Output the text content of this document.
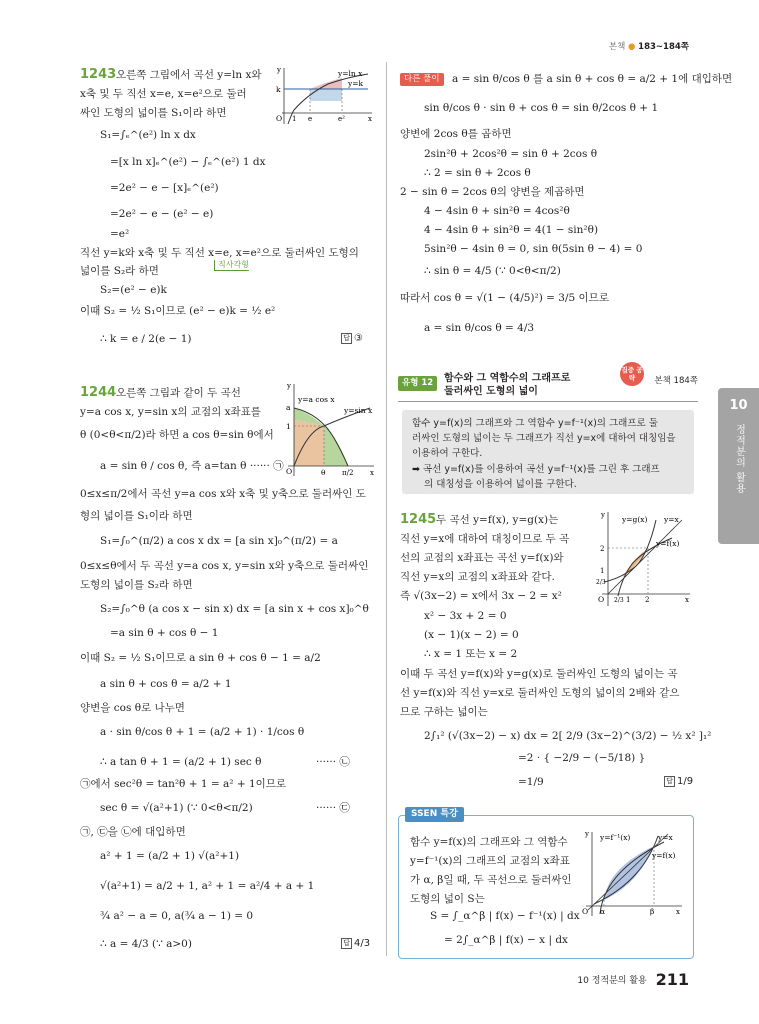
본책 ● 183~184쪽
10
정적분의 활용
1243 오른쪽 그림에서 곡선 y=ln x와
x축 및 두 직선 x=e, x=e²으로 둘러
싸인 도형의 넓이를 S₁이라 하면
S₁=∫ₑ^(e²) ln x dx
=[x ln x]ₑ^(e²) − ∫ₑ^(e²) 1 dx
=2e² − e − [x]ₑ^(e²)
=2e² − e − (e² − e)
=e²
직선 y=k와 x축 및 두 직선 x=e, x=e²으로 둘러싸인 도형의
직사각형
넓이를 S₂라 하면
S₂=(e² − e)k
이때 S₂ = ½ S₁이므로 (e² − e)k = ½ e²
∴ k = e / 2(e − 1)	답 ③
y=ln x
y=k
k
O 1 e	e²	x
y
1244 오른쪽 그림과 같이 두 곡선
y=a cos x, y=sin x의 교점의 x좌표를
θ (0<θ<π/2)라 하면 a cos θ=sin θ에서
a = sin θ / cos θ, 즉 a=tan θ ······ ㉠
0≤x≤π/2에서 곡선 y=a cos x와 x축 및 y축으로 둘러싸인 도
형의 넓이를 S₁이라 하면
S₁=∫₀^(π/2) a cos x dx = [a sin x]₀^(π/2) = a
0≤x≤θ에서 두 곡선 y=a cos x, y=sin x와 y축으로 둘러싸인
도형의 넓이를 S₂라 하면
S₂=∫₀^θ (a cos x − sin x) dx = [a sin x + cos x]₀^θ
=a sin θ + cos θ − 1
이때 S₂ = ½ S₁이므로 a sin θ + cos θ − 1 = a/2
a sin θ + cos θ = a/2 + 1
양변을 cos θ로 나누면
a · sin θ/cos θ + 1 = (a/2 + 1) · 1/cos θ
∴ a tan θ + 1 = (a/2 + 1) sec θ	······ ㉡
㉠에서 sec²θ = tan²θ + 1 = a² + 1이므로
sec θ = √(a²+1) (∵ 0<θ<π/2)	······ ㉢
㉠, ㉢을 ㉡에 대입하면
a² + 1 = (a/2 + 1) √(a²+1)
√(a²+1) = a/2 + 1, a² + 1 = a²/4 + a + 1
¾ a² − a = 0, a(¾ a − 1) = 0
∴ a = 4/3 (∵ a>0)	답 4/3
y=a cos x
y=sin x
a
1
O	θ π/2 x
y
다른 풀이	a = sin θ/cos θ 를 a sin θ + cos θ = a/2 + 1에 대입하면
sin θ/cos θ · sin θ + cos θ = sin θ/2cos θ + 1
양변에 2cos θ를 곱하면
2sin²θ + 2cos²θ = sin θ + 2cos θ
∴ 2 = sin θ + 2cos θ
2 − sin θ = 2cos θ의 양변을 제곱하면
4 − 4sin θ + sin²θ = 4cos²θ
4 − 4sin θ + sin²θ = 4(1 − sin²θ)
5sin²θ − 4sin θ = 0, sin θ(5sin θ − 4) = 0
∴ sin θ = 4/5 (∵ 0<θ<π/2)
따라서 cos θ = √(1 − (4/5)²) = 3/5 이므로
a = sin θ/cos θ = 4/3
유형 12	함수와 그 역함수의 그래프로
둘러싸인 도형의 넓이
집중 공략	본책 184쪽
함수 y=f(x)의 그래프와 그 역함수 y=f⁻¹(x)의 그래프로 둘
러싸인 도형의 넓이는 두 그래프가 직선 y=x에 대하여 대칭임을
이용하여 구한다.
➡ 곡선 y=f(x)를 이용하여 곡선 y=f⁻¹(x)를 그린 후 그래프
의 대칭성을 이용하여 넓이를 구한다.
1245 두 곡선 y=f(x), y=g(x)는
직선 y=x에 대하여 대칭이므로 두 곡
선의 교점의 x좌표는 곡선 y=f(x)와
직선 y=x의 교점의 x좌표와 같다.
즉 √(3x−2) = x에서 3x − 2 = x²
x² − 3x + 2 = 0
(x − 1)(x − 2) = 0
∴ x = 1 또는 x = 2
이때 두 곡선 y=f(x)와 y=g(x)로 둘러싸인 도형의 넓이는 곡
선 y=f(x)와 직선 y=x로 둘러싸인 도형의 넓이의 2배와 같으
므로 구하는 넓이는
2∫₁² (√(3x−2) − x) dx = 2[ 2/9 (3x−2)^(3/2) − ½ x² ]₁²
=2 · { −2/9 − (−5/18) }
=1/9	답 1/9
y=g(x) y=x
y=f(x)
2
1
2/3
O 2/3 1 2	x
y
SSEN 특강
함수 y=f(x)의 그래프와 그 역함수
y=f⁻¹(x)의 그래프의 교점의 x좌표
가 α, β일 때, 두 곡선으로 둘러싸인
도형의 넓이 S는
S = ∫_α^β | f(x) − f⁻¹(x) | dx
= 2∫_α^β | f(x) − x | dx
y=f⁻¹(x)	y=x
y=f(x)
O α	β	x
y
10 정적분의 활용 211
